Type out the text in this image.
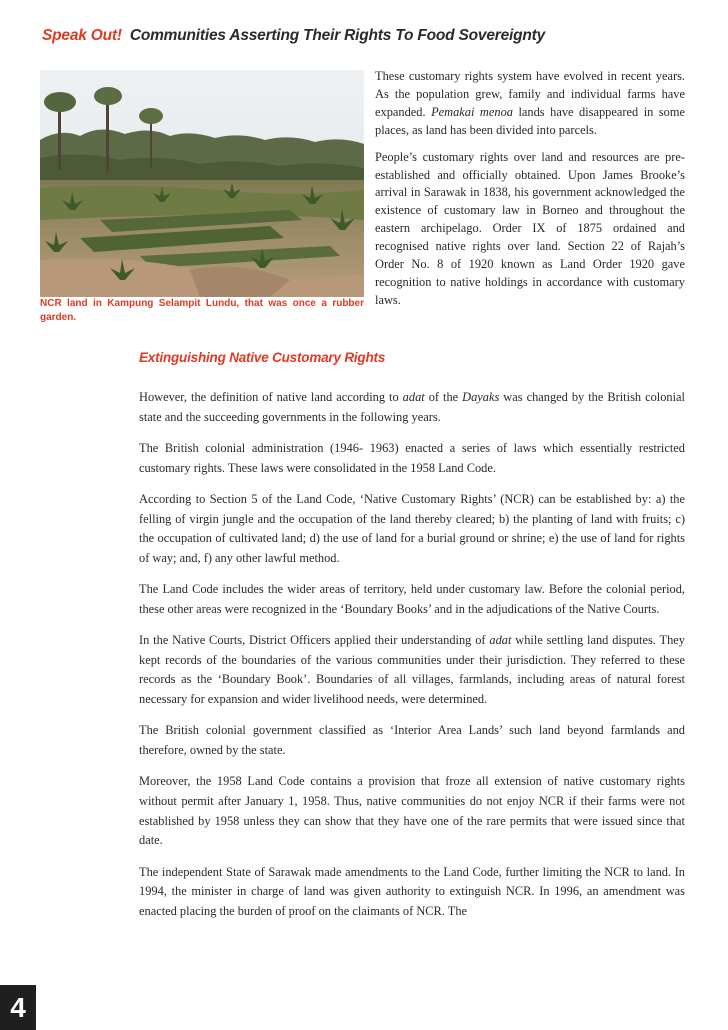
Speak Out! Communities Asserting Their Rights To Food Sovereignty
NCR land in Kampung Selampit Lundu, that was once a rubber garden.

These customary rights system have evolved in recent years. As the population grew, family and individual farms have expanded. Pemakai menoa lands have disappeared in some places, as land has been divided into parcels.

People’s customary rights over land and resources are pre-established and officially obtained. Upon James Brooke’s arrival in Sarawak in 1838, his government acknowledged the existence of customary law in Borneo and throughout the eastern archipelago. Order IX of 1875 ordained and recognised native rights over land. Section 22 of Rajah’s Order No. 8 of 1920 known as Land Order 1920 gave recognition to native holdings in accordance with customary laws.

Extinguishing Native Customary Rights

However, the definition of native land according to adat of the Dayaks was changed by the British colonial state and the succeeding governments in the following years.

The British colonial administration (1946- 1963) enacted a series of laws which essentially restricted customary rights. These laws were consolidated in the 1958 Land Code.

According to Section 5 of the Land Code, ‘Native Customary Rights’ (NCR) can be established by: a) the felling of virgin jungle and the occupation of the land thereby cleared; b) the planting of land with fruits; c) the occupation of cultivated land; d) the use of land for a burial ground or shrine; e) the use of land for rights of way; and, f) any other lawful method.

The Land Code includes the wider areas of territory, held under customary law. Before the colonial period, these other areas were recognized in the ‘Boundary Books’ and in the adjudications of the Native Courts.

In the Native Courts, District Officers applied their understanding of adat while settling land disputes. They kept records of the boundaries of the various communities under their jurisdiction. They referred to these records as the ‘Boundary Book’. Boundaries of all villages, farmlands, including areas of natural forest necessary for expansion and wider livelihood needs, were determined.

The British colonial government classified as ‘Interior Area Lands’ such land beyond farmlands and therefore, owned by the state.

Moreover, the 1958 Land Code contains a provision that froze all extension of native customary rights without permit after January 1, 1958. Thus, native communities do not enjoy NCR if their farms were not established by 1958 unless they can show that they have one of the rare permits that were issued since that date.

The independent State of Sarawak made amendments to the Land Code, further limiting the NCR to land. In 1994, the minister in charge of land was given authority to extinguish NCR. In 1996, an amendment was enacted placing the burden of proof on the claimants of NCR. The

4
